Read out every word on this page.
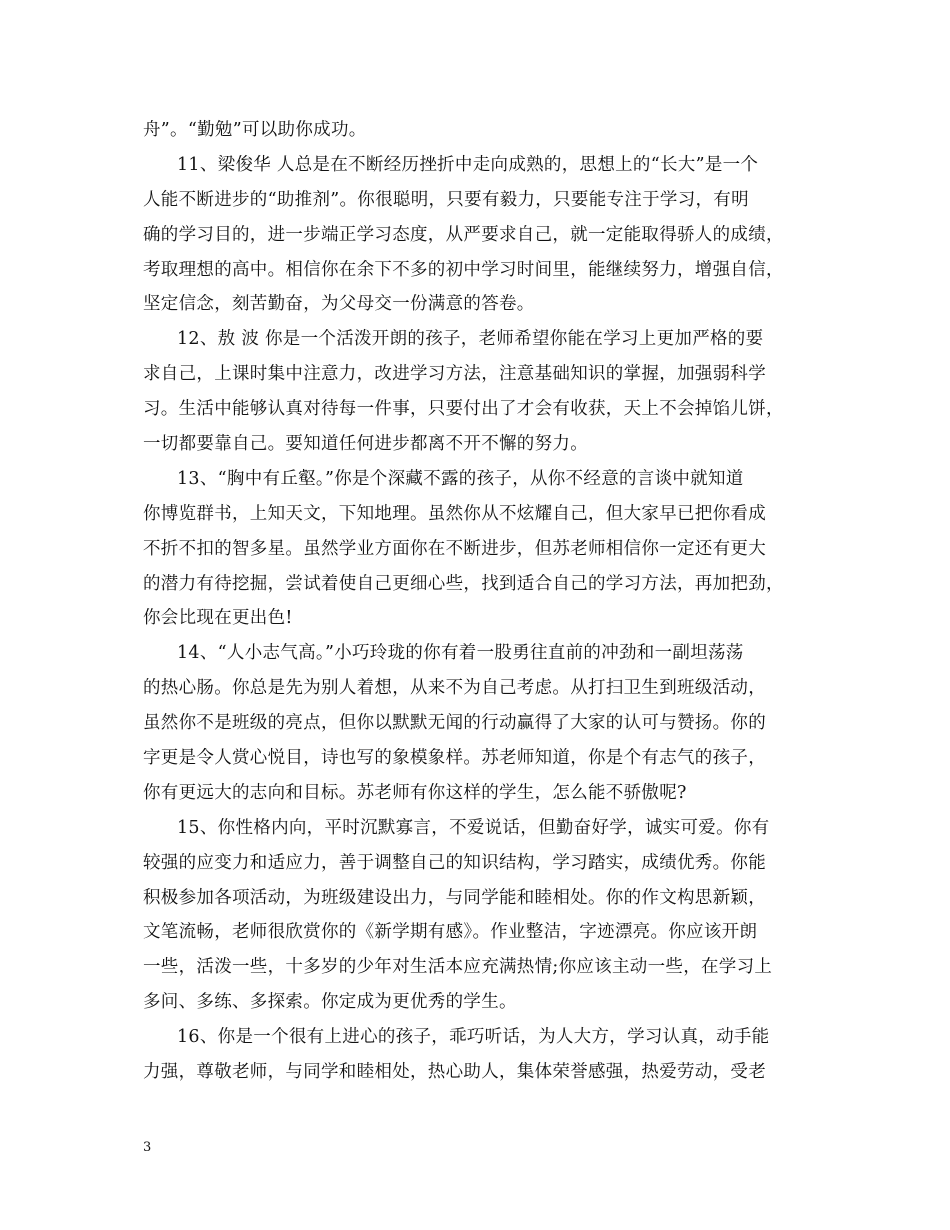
舟”。“勤勉”可以助你成功。
11、梁俊华 人总是在不断经历挫折中走向成熟的，思想上的“长大”是一个
人能不断进步的“助推剂”。你很聪明，只要有毅力，只要能专注于学习，有明
确的学习目的，进一步端正学习态度，从严要求自己，就一定能取得骄人的成绩，
考取理想的高中。相信你在余下不多的初中学习时间里，能继续努力，增强自信，
坚定信念，刻苦勤奋，为父母交一份满意的答卷。
12、敖 波 你是一个活泼开朗的孩子，老师希望你能在学习上更加严格的要
求自己，上课时集中注意力，改进学习方法，注意基础知识的掌握，加强弱科学
习。生活中能够认真对待每一件事，只要付出了才会有收获，天上不会掉馅儿饼，
一切都要靠自己。要知道任何进步都离不开不懈的努力。
13、“胸中有丘壑。”你是个深藏不露的孩子，从你不经意的言谈中就知道
你博览群书，上知天文，下知地理。虽然你从不炫耀自己，但大家早已把你看成
不折不扣的智多星。虽然学业方面你在不断进步，但苏老师相信你一定还有更大
的潜力有待挖掘，尝试着使自己更细心些，找到适合自己的学习方法，再加把劲，
你会比现在更出色!
14、“人小志气高。”小巧玲珑的你有着一股勇往直前的冲劲和一副坦荡荡
的热心肠。你总是先为别人着想，从来不为自己考虑。从打扫卫生到班级活动，
虽然你不是班级的亮点，但你以默默无闻的行动赢得了大家的认可与赞扬。你的
字更是令人赏心悦目，诗也写的象模象样。苏老师知道，你是个有志气的孩子，
你有更远大的志向和目标。苏老师有你这样的学生，怎么能不骄傲呢?
15、你性格内向，平时沉默寡言，不爱说话，但勤奋好学，诚实可爱。你有
较强的应变力和适应力，善于调整自己的知识结构，学习踏实，成绩优秀。你能
积极参加各项活动，为班级建设出力，与同学能和睦相处。你的作文构思新颖，
文笔流畅，老师很欣赏你的《新学期有感》。作业整洁，字迹漂亮。你应该开朗
一些，活泼一些，十多岁的少年对生活本应充满热情;你应该主动一些，在学习上
多问、多练、多探索。你定成为更优秀的学生。
16、你是一个很有上进心的孩子，乖巧听话，为人大方，学习认真，动手能
力强，尊敬老师，与同学和睦相处，热心助人，集体荣誉感强，热爱劳动，受老
3
